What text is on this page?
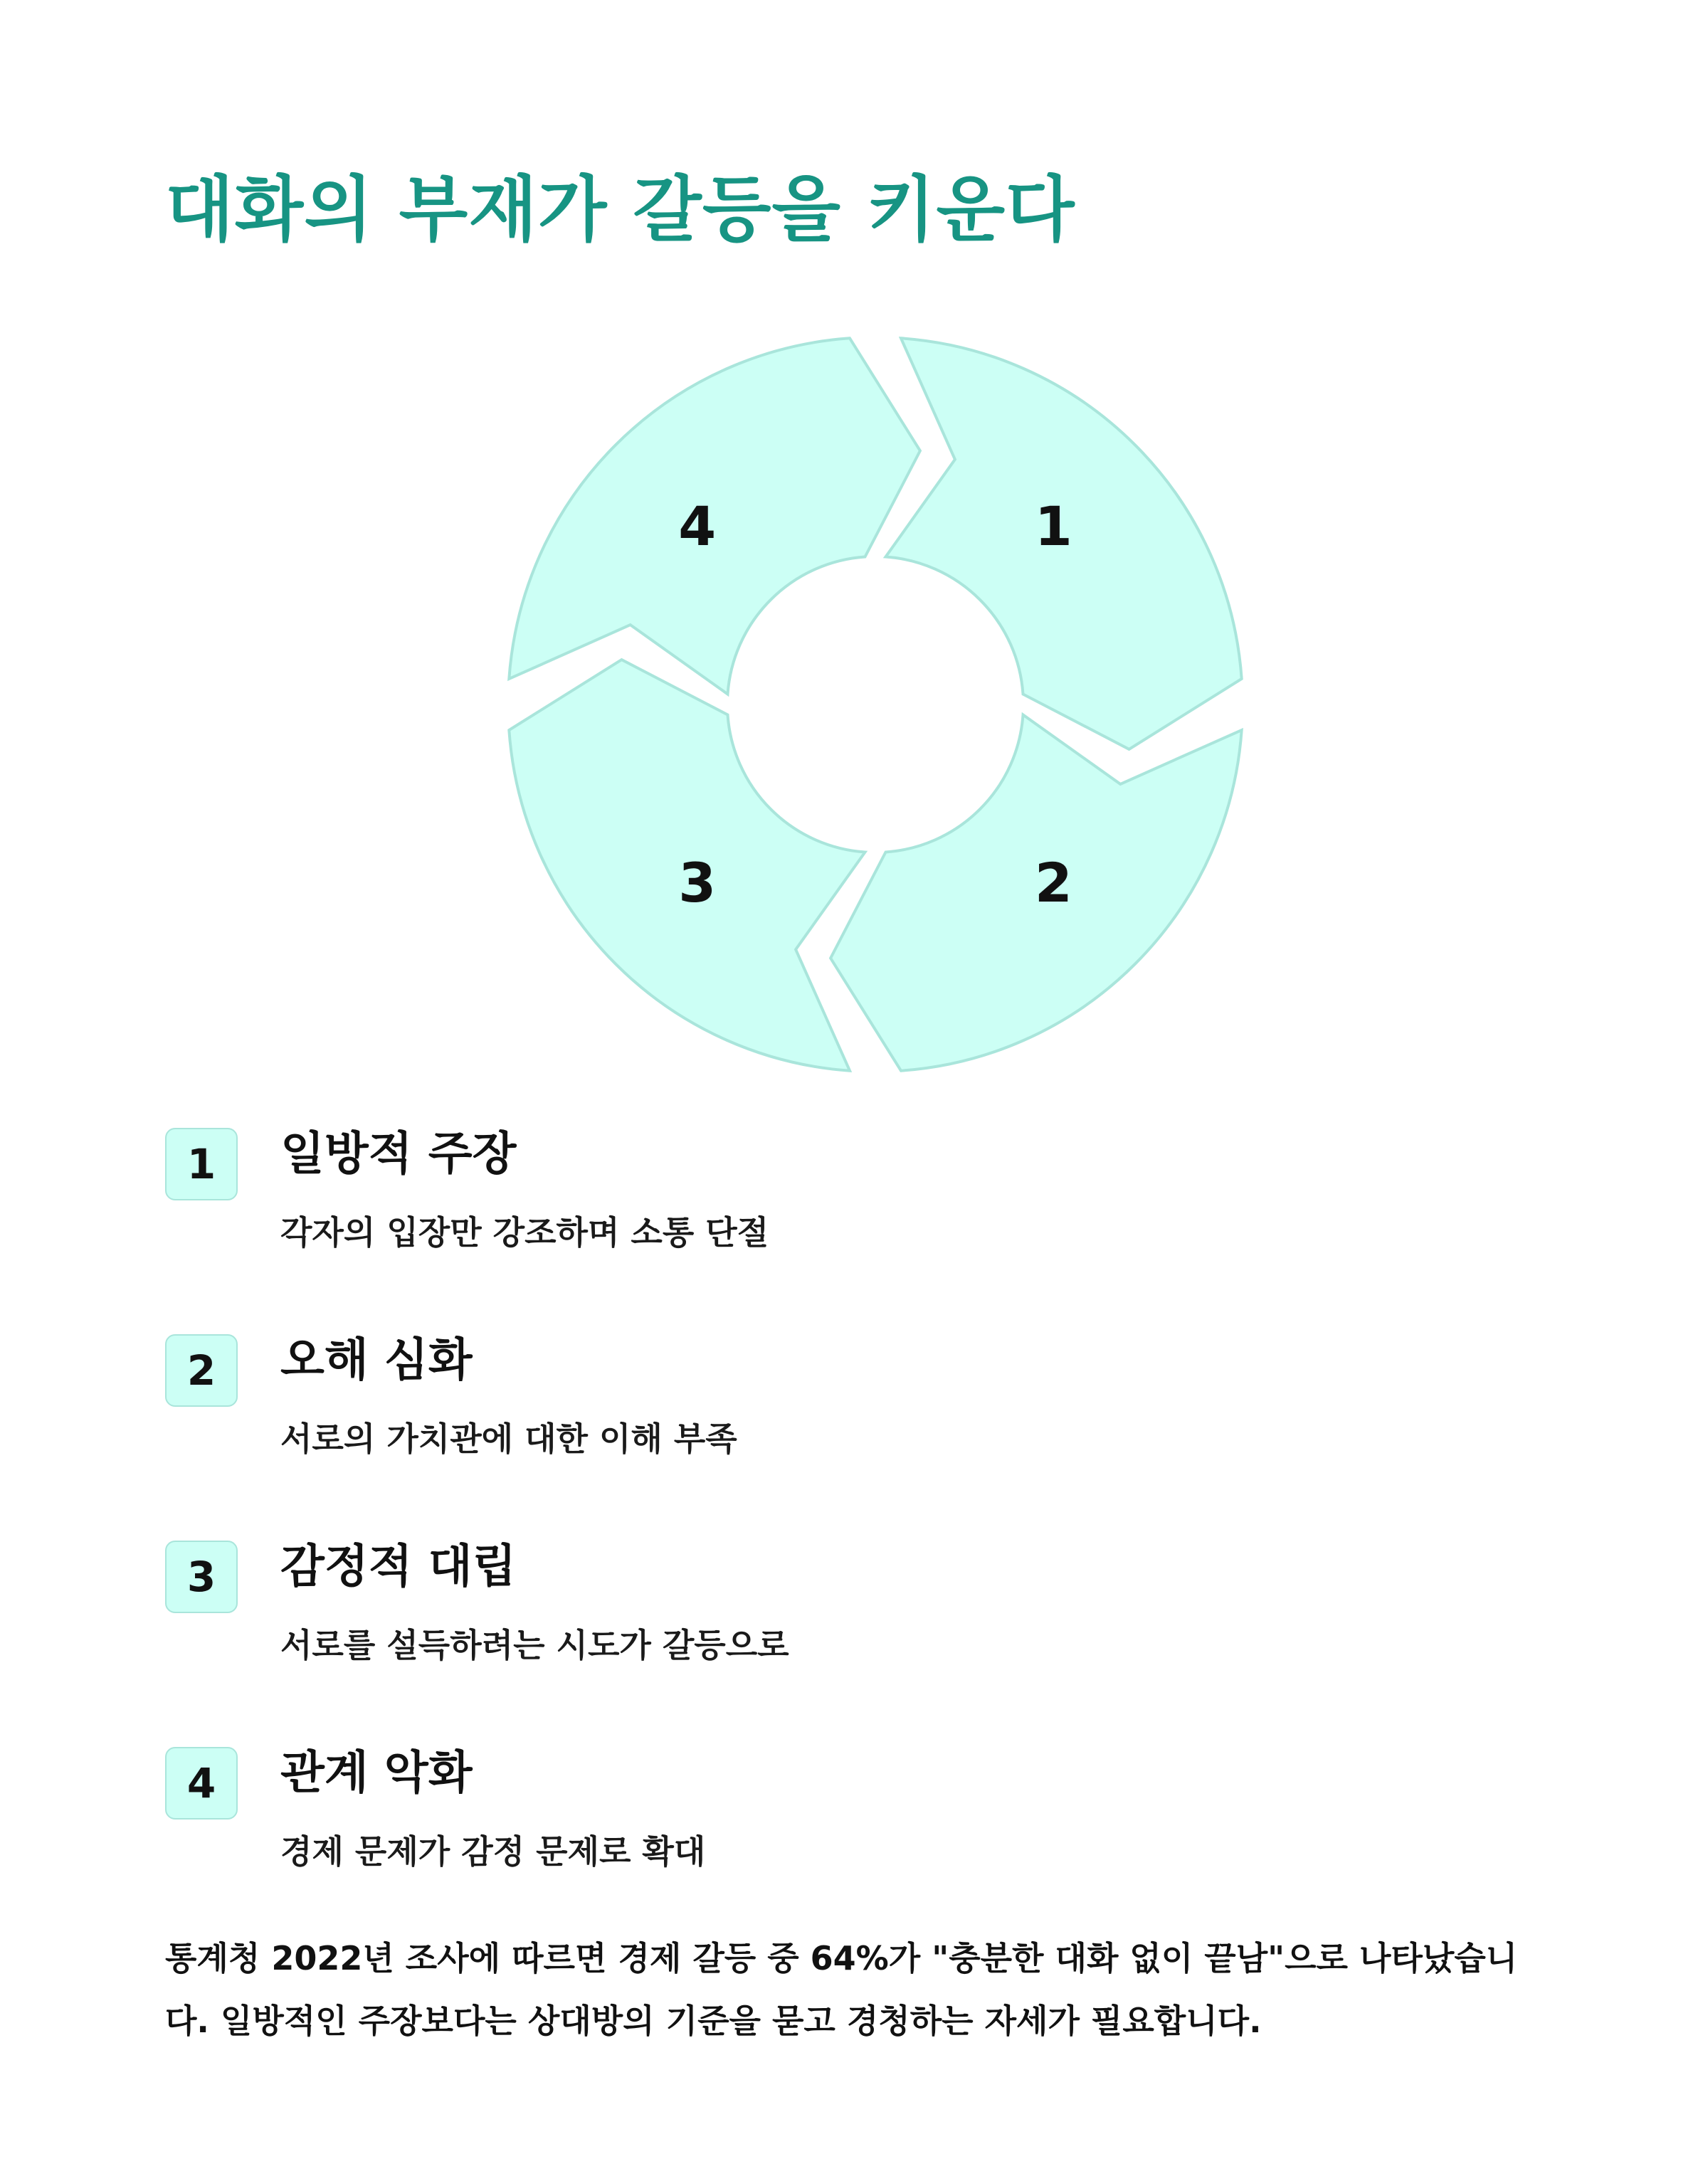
대화의 부재가 갈등을 키운다
1
2
3
4
1	일방적 주장
각자의 입장만 강조하며 소통 단절
2	오해 심화
서로의 가치관에 대한 이해 부족
3	감정적 대립
서로를 설득하려는 시도가 갈등으로
4	관계 악화
경제 문제가 감정 문제로 확대

통계청 2022년 조사에 따르면 경제 갈등 중 64%가 "충분한 대화 없이 끝남"으로 나타났습니다. 일방적인 주장보다는 상대방의 기준을 묻고 경청하는 자세가 필요합니다.
